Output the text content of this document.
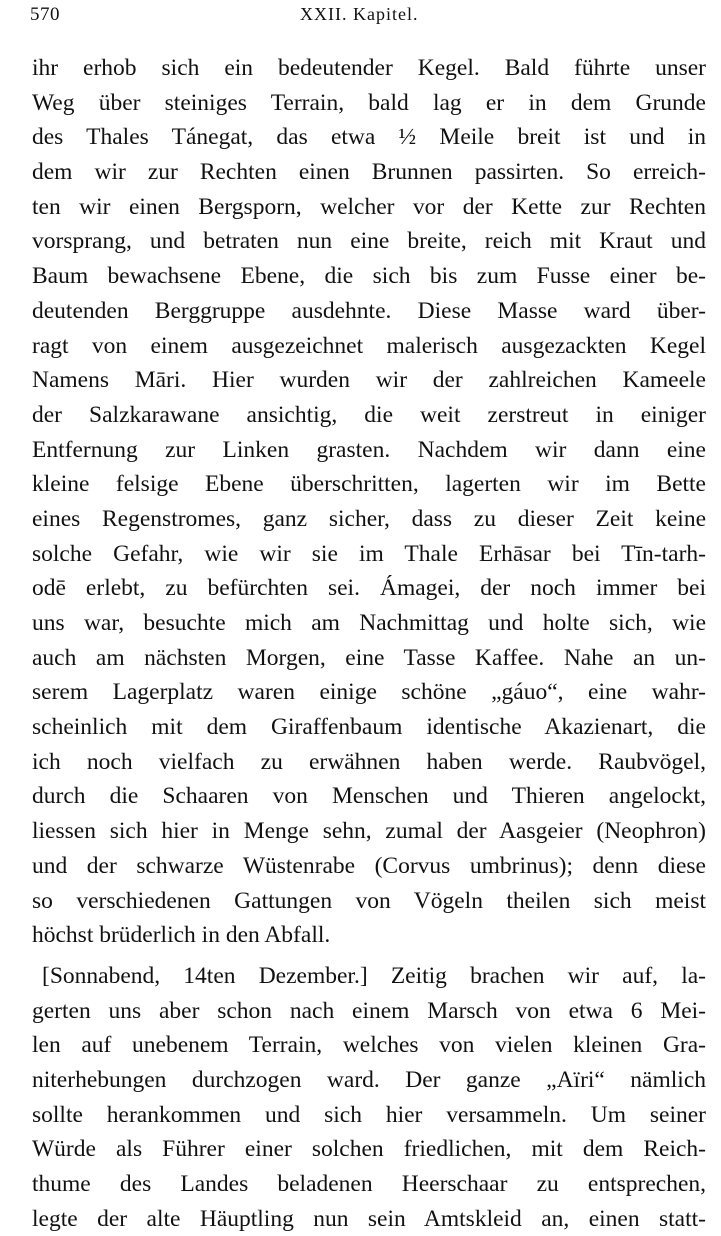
570	XXII. Kapitel.
ihr erhob sich ein bedeutender Kegel. Bald führte unser
Weg über steiniges Terrain, bald lag er in dem Grunde
des Thales Tánegat, das etwa ½ Meile breit ist und in
dem wir zur Rechten einen Brunnen passirten. So erreich-
ten wir einen Bergsporn, welcher vor der Kette zur Rechten
vorsprang, und betraten nun eine breite, reich mit Kraut und
Baum bewachsene Ebene, die sich bis zum Fusse einer be-
deutenden Berggruppe ausdehnte. Diese Masse ward über-
ragt von einem ausgezeichnet malerisch ausgezackten Kegel
Namens Māri. Hier wurden wir der zahlreichen Kameele
der Salzkarawane ansichtig, die weit zerstreut in einiger
Entfernung zur Linken grasten. Nachdem wir dann eine
kleine felsige Ebene überschritten, lagerten wir im Bette
eines Regenstromes, ganz sicher, dass zu dieser Zeit keine
solche Gefahr, wie wir sie im Thale Erhāsar bei Tīn-tarh-
odē erlebt, zu befürchten sei. Ámagei, der noch immer bei
uns war, besuchte mich am Nachmittag und holte sich, wie
auch am nächsten Morgen, eine Tasse Kaffee. Nahe an un-
serem Lagerplatz waren einige schöne „gáuo“, eine wahr-
scheinlich mit dem Giraffenbaum identische Akazienart, die
ich noch vielfach zu erwähnen haben werde. Raubvögel,
durch die Schaaren von Menschen und Thieren angelockt,
liessen sich hier in Menge sehn, zumal der Aasgeier (Neophron)
und der schwarze Wüstenrabe (Corvus umbrinus); denn diese
so verschiedenen Gattungen von Vögeln theilen sich meist
höchst brüderlich in den Abfall.
[Sonnabend, 14ten Dezember.] Zeitig brachen wir auf, la-
gerten uns aber schon nach einem Marsch von etwa 6 Mei-
len auf unebenem Terrain, welches von vielen kleinen Gra-
niterhebungen durchzogen ward. Der ganze „Aïri“ nämlich
sollte herankommen und sich hier versammeln. Um seiner
Würde als Führer einer solchen friedlichen, mit dem Reich-
thume des Landes beladenen Heerschaar zu entsprechen,
legte der alte Häuptling nun sein Amtskleid an, einen statt-
